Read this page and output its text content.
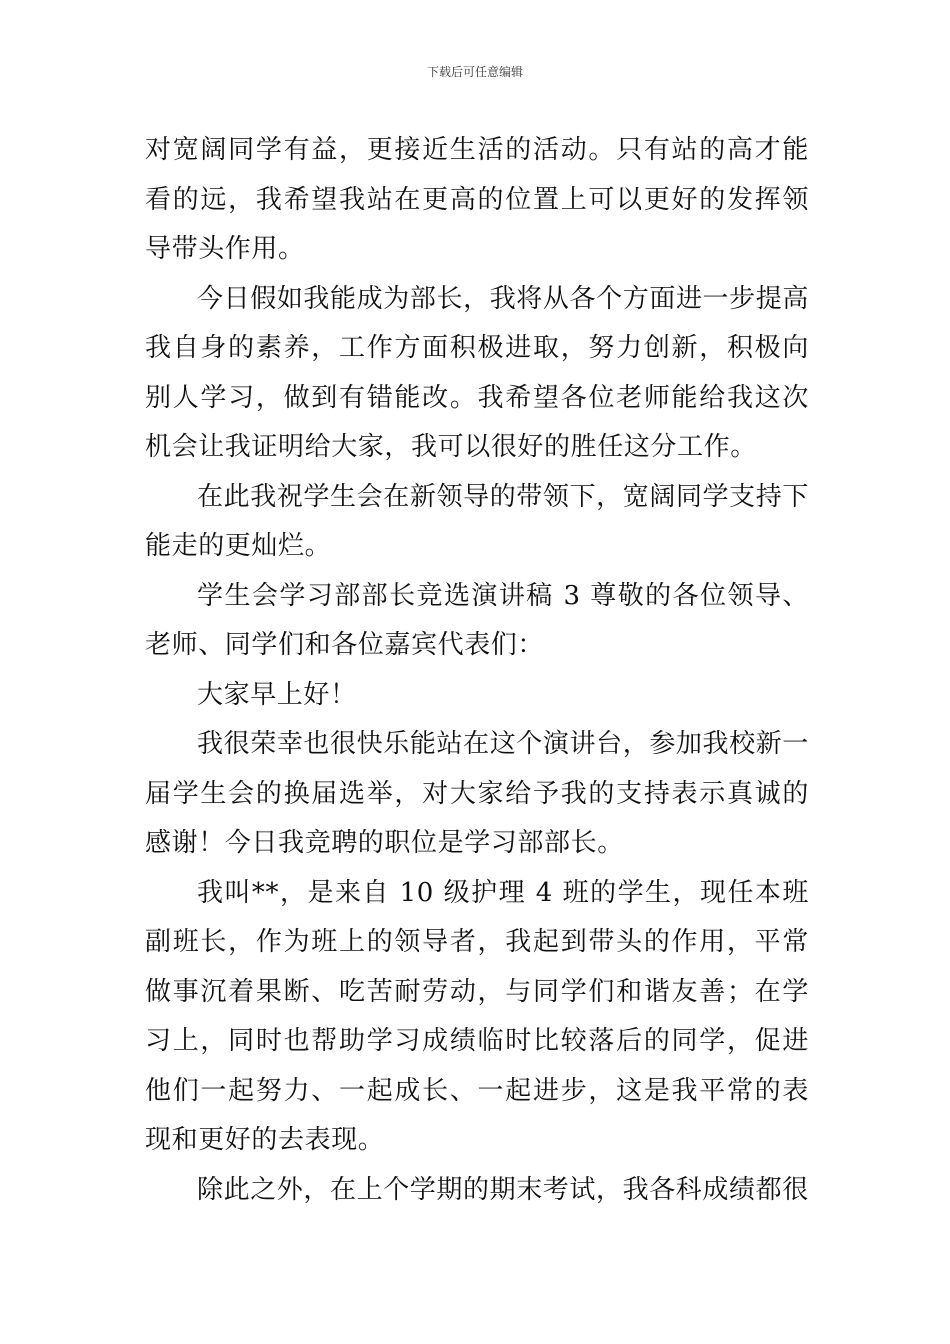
下载后可任意编辑

对宽阔同学有益，更接近生活的活动。只有站的高才能看的远，我希望我站在更高的位置上可以更好的发挥领导带头作用。

今日假如我能成为部长，我将从各个方面进一步提高我自身的素养，工作方面积极进取，努力创新，积极向别人学习，做到有错能改。我希望各位老师能给我这次机会让我证明给大家，我可以很好的胜任这分工作。

在此我祝学生会在新领导的带领下，宽阔同学支持下能走的更灿烂。

学生会学习部部长竞选演讲稿 3 尊敬的各位领导、老师、同学们和各位嘉宾代表们：

大家早上好！

我很荣幸也很快乐能站在这个演讲台，参加我校新一届学生会的换届选举，对大家给予我的支持表示真诚的感谢！今日我竞聘的职位是学习部部长。

我叫**，是来自 10 级护理 4 班的学生，现任本班副班长，作为班上的领导者，我起到带头的作用，平常做事沉着果断、吃苦耐劳动，与同学们和谐友善；在学习上，同时也帮助学习成绩临时比较落后的同学，促进他们一起努力、一起成长、一起进步，这是我平常的表现和更好的去表现。

除此之外，在上个学期的期末考试，我各科成绩都很
